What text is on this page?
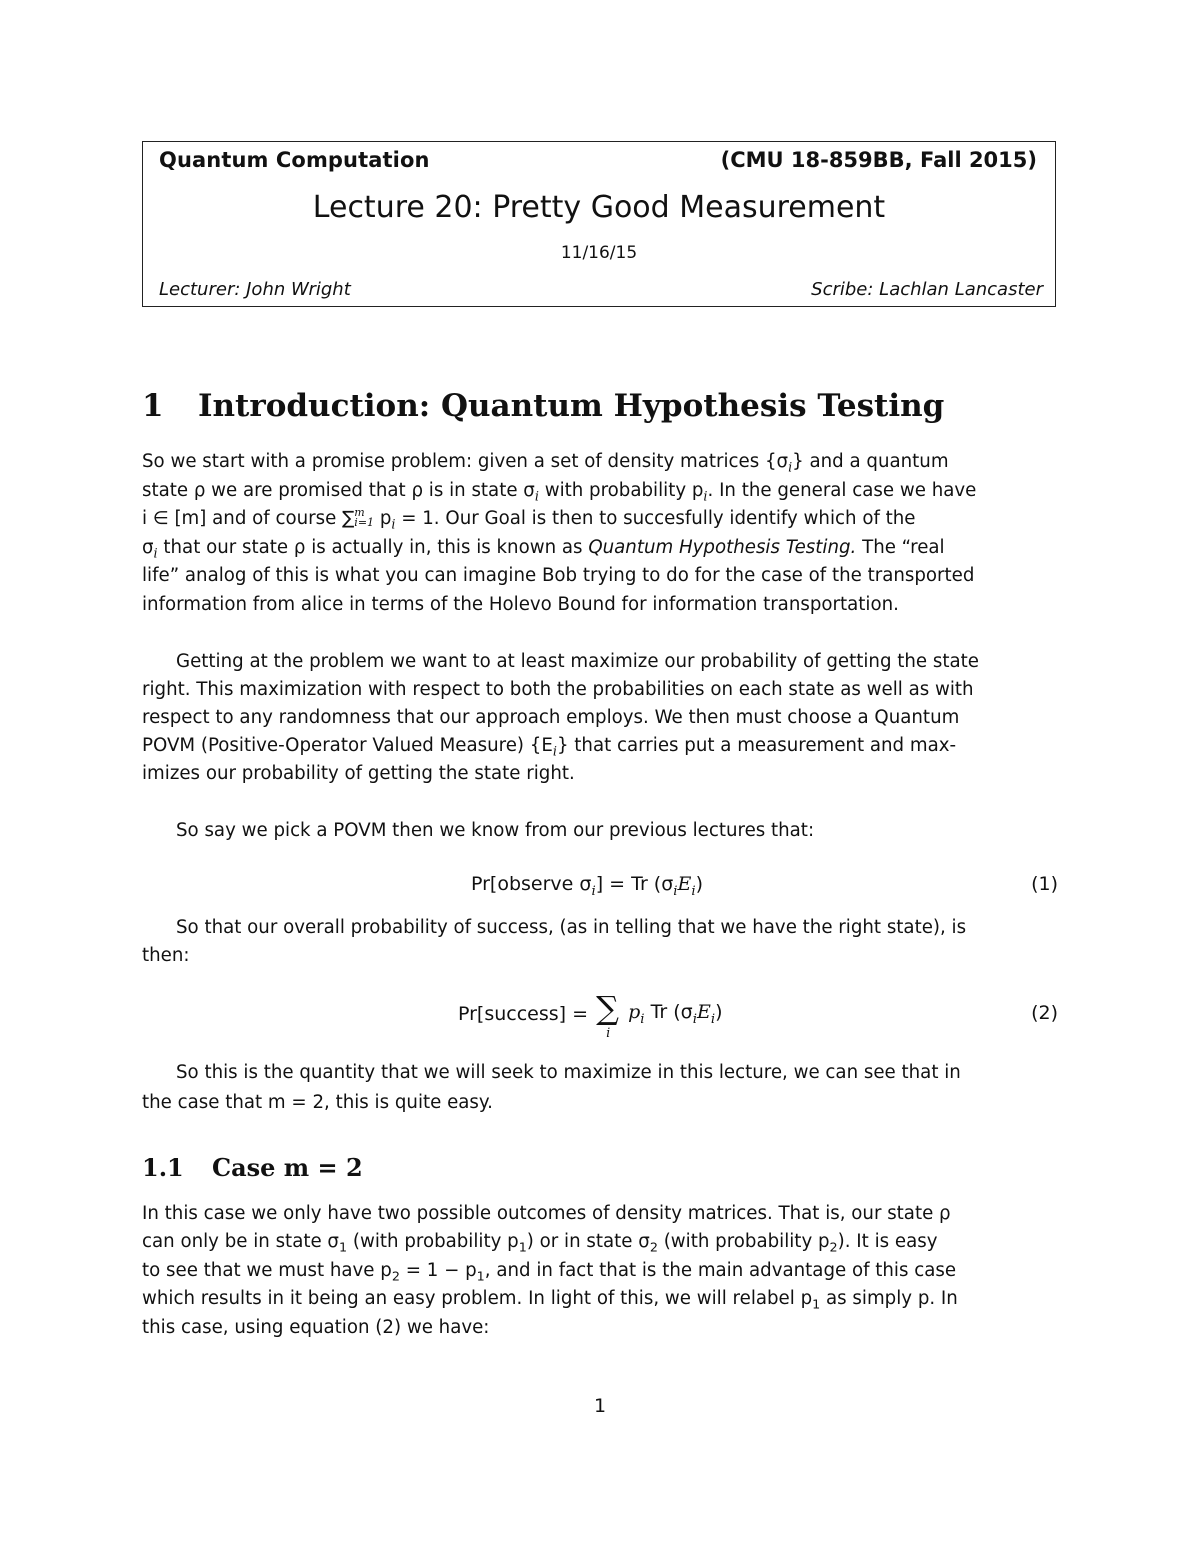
Quantum Computation	(CMU 18-859BB, Fall 2015)
Lecture 20: Pretty Good Measurement
11/16/15
Lecturer: John Wright	Scribe: Lachlan Lancaster
1 Introduction: Quantum Hypothesis Testing
So we start with a promise problem: given a set of density matrices $\{\sigma_i\}$ and a quantum
state ρ we are promised that ρ is in state $\sigma_i$ with probability $p_i$. In the general case we have
i ∈ [m] and of course ∑ m
i=1 $p_i = 1$. Our Goal is then to succesfully identify which of the
$\sigma_i$ that our state ρ is actually in, this is known as Quantum Hypothesis Testing. The “real
life” analog of this is what you can imagine Bob trying to do for the case of the transported
information from alice in terms of the Holevo Bound for information transportation.
Getting at the problem we want to at least maximize our probability of getting the state
right. This maximization with respect to both the probabilities on each state as well as with
respect to any randomness that our approach employs. We then must choose a Quantum
POVM (Positive-Operator Valued Measure) $\{E_i\}$ that carries put a measurement and max-
imizes our probability of getting the state right.
So say we pick a POVM then we know from our previous lectures that:
Pr[observe $\sigma_i] = Tr$ $(\sigma_iE_i)$	(1)
So that our overall probability of success, (as in telling that we have the right state), is
then:
Pr[success] = ∑
i
$p_i$ Tr $(\sigma_iE_i)$	(2)
So this is the quantity that we will seek to maximize in this lecture, we can see that in
the case that m = 2, this is quite easy.
1.1 Case m = 2
In this case we only have two possible outcomes of density matrices. That is, our state ρ
can only be in state $\sigma_1$ (with probability $p_1$) or in state $\sigma_2$ (with probability $p_2$). It is easy
to see that we must have $p_2 = 1 - p_1$, and in fact that is the main advantage of this case
which results in it being an easy problem. In light of this, we will relabel $p_1$ as simply p. In
this case, using equation (2) we have:
1
